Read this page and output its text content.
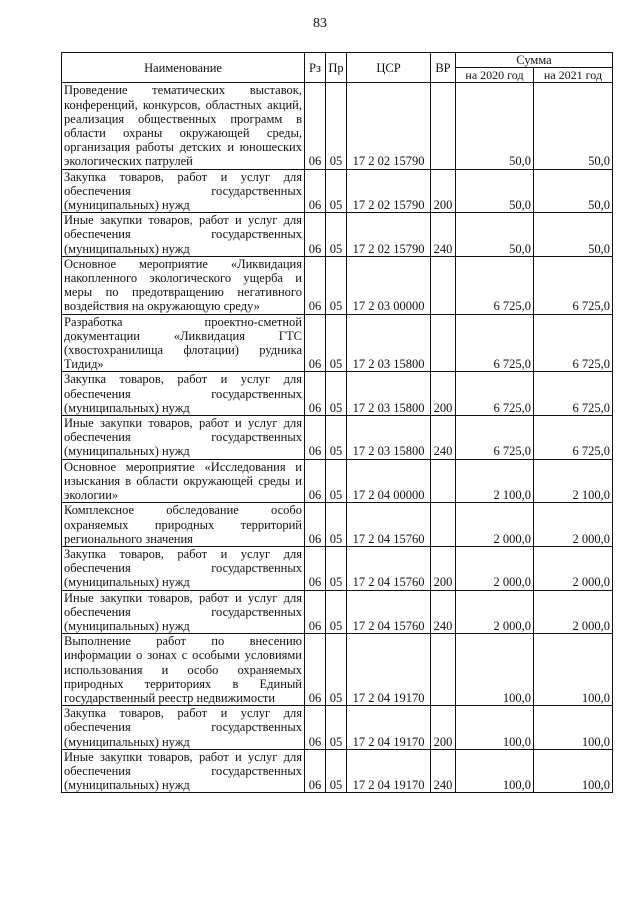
83
Наименование	Рз	Пр	ЦСР	ВР	Сумма	
					на 2020 год	на 2021 год
Проведение тематических выставок, конференций, конкурсов, областных акций, реализация общественных программ в области охраны окружающей среды, организация работы детских и юношеских экологических патрулей	06	05	17 2 02 15790		50,0	50,0
Закупка товаров, работ и услуг для обеспечения государственных (муниципальных) нужд	06	05	17 2 02 15790	200	50,0	50,0
Иные закупки товаров, работ и услуг для обеспечения государственных (муниципальных) нужд	06	05	17 2 02 15790	240	50,0	50,0
Основное мероприятие «Ликвидация накопленного экологического ущерба и меры по предотвращению негативного воздействия на окружающую среду»	06	05	17 2 03 00000		6 725,0	6 725,0
Разработка проектно-сметной документации «Ликвидация ГТС (хвостохранилища флотации) рудника Тидид»	06	05	17 2 03 15800		6 725,0	6 725,0
Закупка товаров, работ и услуг для обеспечения государственных (муниципальных) нужд	06	05	17 2 03 15800	200	6 725,0	6 725,0
Иные закупки товаров, работ и услуг для обеспечения государственных (муниципальных) нужд	06	05	17 2 03 15800	240	6 725,0	6 725,0
Основное мероприятие «Исследования и изыскания в области окружающей среды и экологии»	06	05	17 2 04 00000		2 100,0	2 100,0
Комплексное обследование особо охраняемых природных территорий регионального значения	06	05	17 2 04 15760		2 000,0	2 000,0
Закупка товаров, работ и услуг для обеспечения государственных (муниципальных) нужд	06	05	17 2 04 15760	200	2 000,0	2 000,0
Иные закупки товаров, работ и услуг для обеспечения государственных (муниципальных) нужд	06	05	17 2 04 15760	240	2 000,0	2 000,0
Выполнение работ по внесению информации о зонах с особыми условиями использования и особо охраняемых природных территориях в Единый государственный реестр недвижимости	06	05	17 2 04 19170		100,0	100,0
Закупка товаров, работ и услуг для обеспечения государственных (муниципальных) нужд	06	05	17 2 04 19170	200	100,0	100,0
Иные закупки товаров, работ и услуг для обеспечения государственных (муниципальных) нужд	06	05	17 2 04 19170	240	100,0	100,0
